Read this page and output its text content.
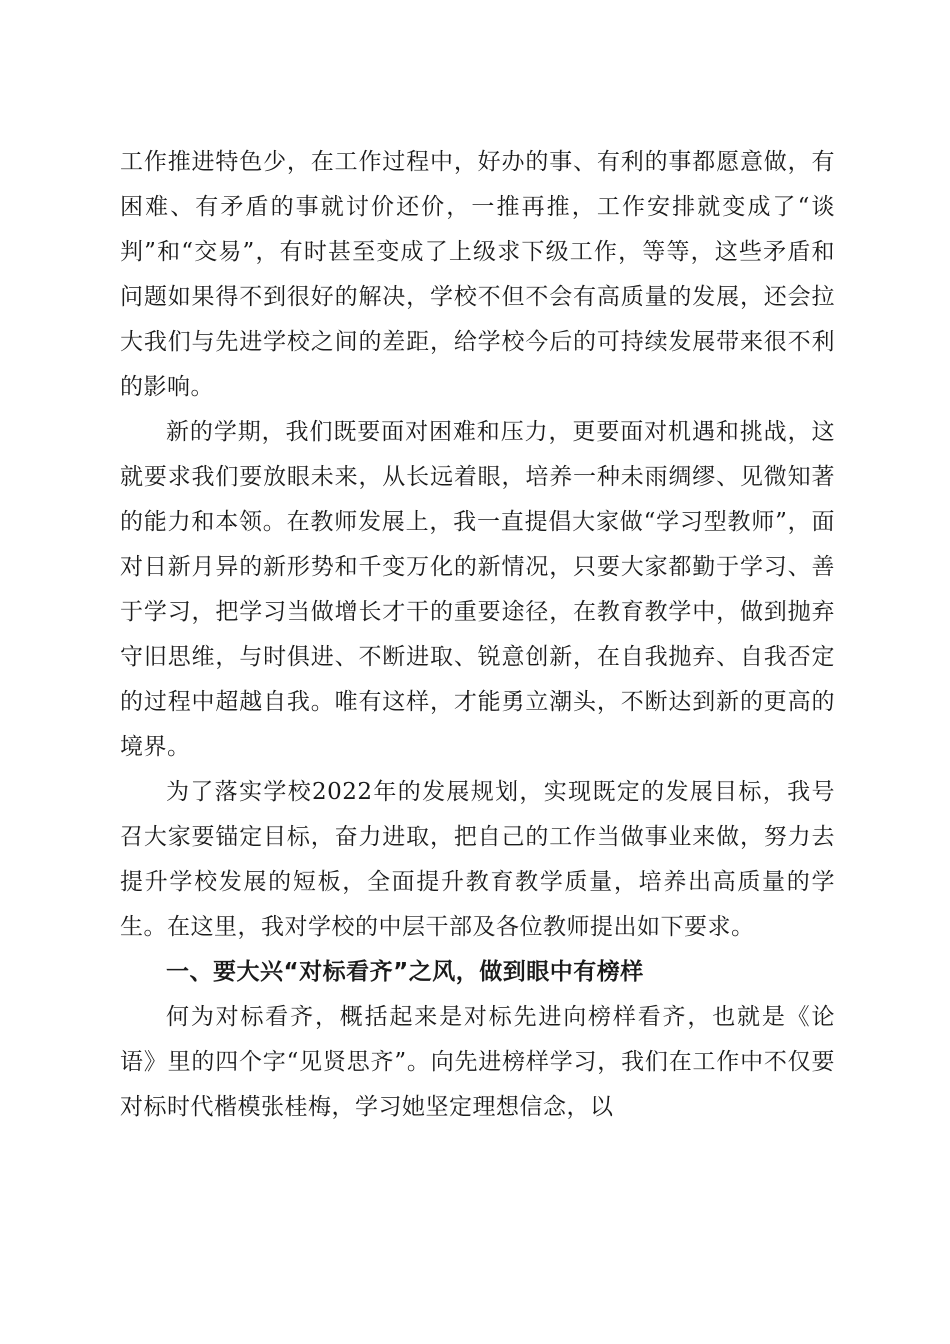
工作推进特色少，在工作过程中，好办的事、有利的事都愿意做，有困难、有矛盾的事就讨价还价，一推再推，工作安排就变成了“谈判”和“交易”，有时甚至变成了上级求下级工作，等等，这些矛盾和问题如果得不到很好的解决，学校不但不会有高质量的发展，还会拉大我们与先进学校之间的差距，给学校今后的可持续发展带来很不利的影响。

新的学期，我们既要面对困难和压力，更要面对机遇和挑战，这就要求我们要放眼未来，从长远着眼，培养一种未雨绸缪、见微知著的能力和本领。在教师发展上，我一直提倡大家做“学习型教师”，面对日新月异的新形势和千变万化的新情况，只要大家都勤于学习、善于学习，把学习当做增长才干的重要途径，在教育教学中，做到抛弃守旧思维，与时俱进、不断进取、锐意创新，在自我抛弃、自我否定的过程中超越自我。唯有这样，才能勇立潮头，不断达到新的更高的境界。

为了落实学校2022年的发展规划，实现既定的发展目标，我号召大家要锚定目标，奋力进取，把自己的工作当做事业来做，努力去提升学校发展的短板，全面提升教育教学质量，培养出高质量的学生。在这里，我对学校的中层干部及各位教师提出如下要求。

一、要大兴“对标看齐”之风，做到眼中有榜样

何为对标看齐，概括起来是对标先进向榜样看齐，也就是《论语》里的四个字“见贤思齐”。向先进榜样学习，我们在工作中不仅要对标时代楷模张桂梅，学习她坚定理想信念，以
